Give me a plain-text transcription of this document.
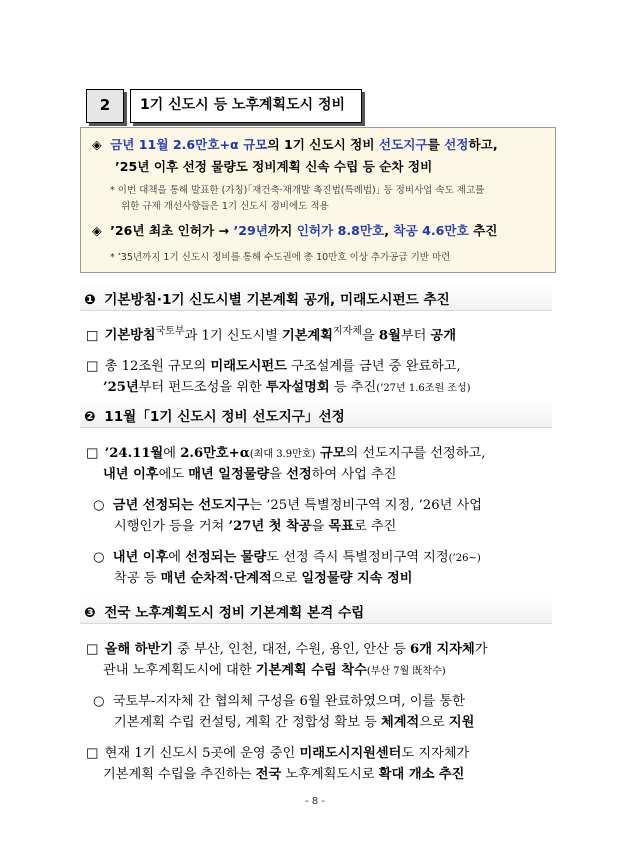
2	1기 신도시 등 노후계획도시 정비
◈ 금년 11월 2.6만호+α 규모의 1기 신도시 정비 선도지구를 선정하고,
’25년 이후 선정 물량도 정비계획 신속 수립 등 순차 정비
* 이번 대책을 통해 발표한 (가칭)｢재건축·재개발 촉진법(특례법)｣ 등 정비사업 속도 제고를
위한 규제 개선사항들은 1기 신도시 정비에도 적용
◈ ’26년 최초 인허가 → ’29년까지 인허가 8.8만호, 착공 4.6만호 추진
* ’35년까지 1기 신도시 정비를 통해 수도권에 총 10만호 이상 추가공급 기반 마련
❶ 기본방침·1기 신도시별 기본계획 공개, 미래도시펀드 추진
□ 기본방침$^{국토부}$과 1기 신도시별 기본계획$^{지자체}$을 8월부터 공개
□ 총 12조원 규모의 미래도시펀드 구조설계를 금년 중 완료하고,
’25년부터 펀드조성을 위한 투자설명회 등 추진(’27년 1.6조원 조성)
❷ 11월「1기 신도시 정비 선도지구」선정
□ ’24.11월에 2.6만호+α(최대 3.9만호) 규모의 선도지구를 선정하고,
내년 이후에도 매년 일정물량을 선정하여 사업 추진
○ 금년 선정되는 선도지구는 ’25년 특별정비구역 지정, ’26년 사업
시행인가 등을 거쳐 ’27년 첫 착공을 목표로 추진
○ 내년 이후에 선정되는 물량도 선정 즉시 특별정비구역 지정(’26~)
착공 등 매년 순차적·단계적으로 일정물량 지속 정비
❸ 전국 노후계획도시 정비 기본계획 본격 수립
□ 올해 하반기 중 부산, 인천, 대전, 수원, 용인, 안산 등 6개 지자체가
관내 노후계획도시에 대한 기본계획 수립 착수(부산 7월 既착수)
○ 국토부-지자체 간 협의체 구성을 6월 완료하였으며, 이를 통한
기본계획 수립 컨설팅, 계획 간 정합성 확보 등 체계적으로 지원
□ 현재 1기 신도시 5곳에 운영 중인 미래도시지원센터도 지자체가
기본계획 수립을 추진하는 전국 노후계획도시로 확대 개소 추진
- 8 -
